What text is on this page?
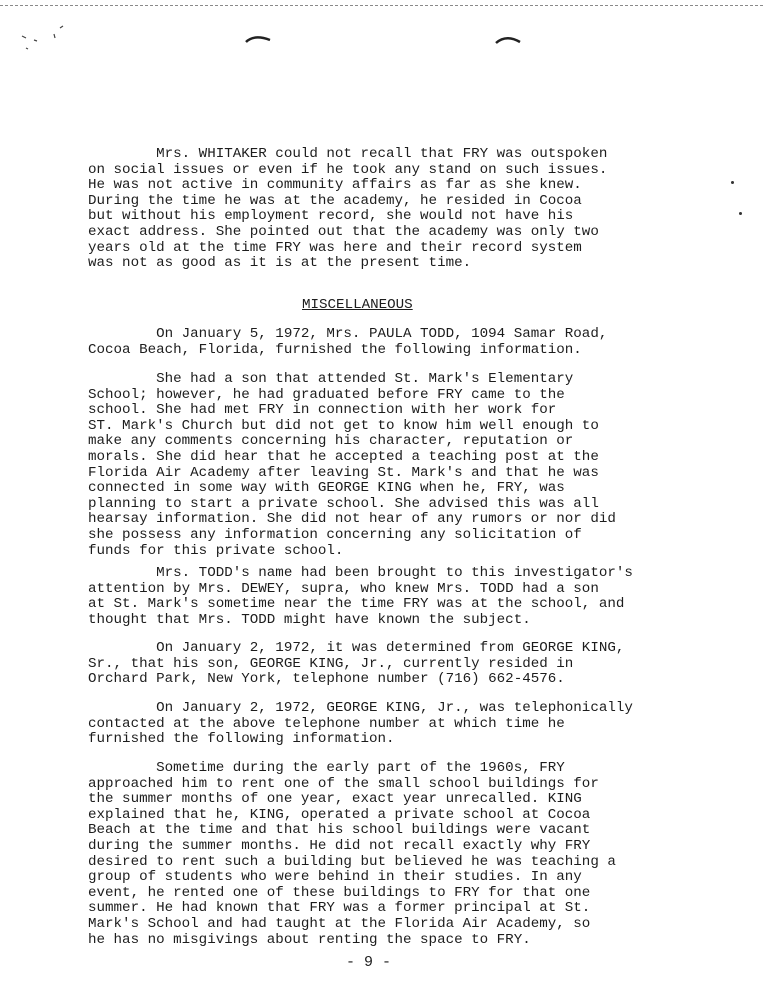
Mrs. WHITAKER could not recall that FRY was outspoken
on social issues or even if he took any stand on such issues.
He was not active in community affairs as far as she knew.
During the time he was at the academy, he resided in Cocoa
but without his employment record, she would not have his
exact address. She pointed out that the academy was only two
years old at the time FRY was here and their record system
was not as good as it is at the present time.

MISCELLANEOUS

On January 5, 1972, Mrs. PAULA TODD, 1094 Samar Road,
Cocoa Beach, Florida, furnished the following information.

She had a son that attended St. Mark's Elementary
School; however, he had graduated before FRY came to the
school. She had met FRY in connection with her work for
ST. Mark's Church but did not get to know him well enough to
make any comments concerning his character, reputation or
morals. She did hear that he accepted a teaching post at the
Florida Air Academy after leaving St. Mark's and that he was
connected in some way with GEORGE KING when he, FRY, was
planning to start a private school. She advised this was all
hearsay information. She did not hear of any rumors or nor did
she possess any information concerning any solicitation of
funds for this private school.

Mrs. TODD's name had been brought to this investigator's
attention by Mrs. DEWEY, supra, who knew Mrs. TODD had a son
at St. Mark's sometime near the time FRY was at the school, and
thought that Mrs. TODD might have known the subject.

On January 2, 1972, it was determined from GEORGE KING,
Sr., that his son, GEORGE KING, Jr., currently resided in
Orchard Park, New York, telephone number (716) 662-4576.

On January 2, 1972, GEORGE KING, Jr., was telephonically
contacted at the above telephone number at which time he
furnished the following information.

Sometime during the early part of the 1960s, FRY
approached him to rent one of the small school buildings for
the summer months of one year, exact year unrecalled. KING
explained that he, KING, operated a private school at Cocoa
Beach at the time and that his school buildings were vacant
during the summer months. He did not recall exactly why FRY
desired to rent such a building but believed he was teaching a
group of students who were behind in their studies. In any
event, he rented one of these buildings to FRY for that one
summer. He had known that FRY was a former principal at St.
Mark's School and had taught at the Florida Air Academy, so
he has no misgivings about renting the space to FRY.

- 9 -
